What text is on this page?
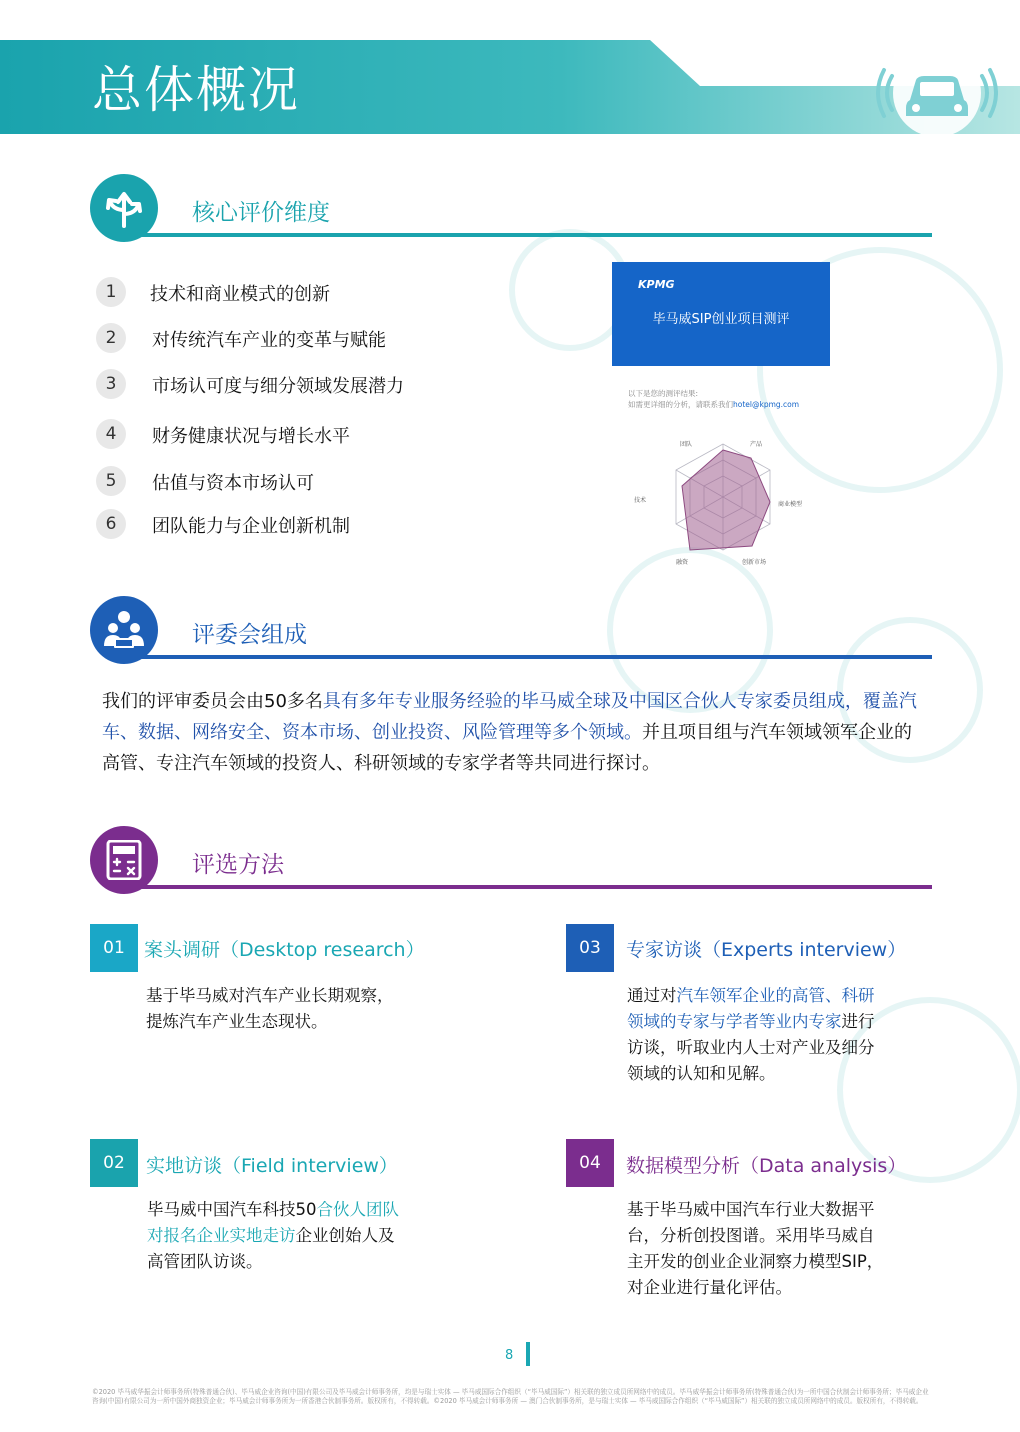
总体概况
核心评价维度
1	技术和商业模式的创新
2	对传统汽车产业的变革与赋能
3	市场认可度与细分领域发展潜力
4	财务健康状况与增长水平
5	估值与资本市场认可
6	团队能力与企业创新机制
KPMG
毕马威SIP创业项目测评
以下是您的测评结果:
如需更详细的分析，请联系我们hotel@kpmg.com
团队	产品
商业模型
创新市场
融资
技术
评委会组成

我们的评审委员会由50多名具有多年专业服务经验的毕马威全球及中国区合伙人专家委员组成，覆盖汽车、数据、网络安全、资本市场、创业投资、风险管理等多个领域。并且项目组与汽车领域领军企业的高管、专注汽车领域的投资人、科研领域的专家学者等共同进行探讨。

评选方法
01	案头调研（Desktop research）
基于毕马威对汽车产业长期观察，
提炼汽车产业生态现状。
03	专家访谈（Experts interview）
通过对汽车领军企业的高管、科研
领域的专家与学者等业内专家进行
访谈，听取业内人士对产业及细分
领域的认知和见解。
02	实地访谈（Field interview）
毕马威中国汽车科技50合伙人团队
对报名企业实地走访企业创始人及
高管团队访谈。
04	数据模型分析（Data analysis）
基于毕马威中国汽车行业大数据平
台，分析创投图谱。采用毕马威自
主开发的创业企业洞察力模型SIP，
对企业进行量化评估。
8
©2020 毕马威华振会计师事务所(特殊普通合伙)、毕马威企业咨询(中国)有限公司及毕马威会计师事务所，均是与瑞士实体 — 毕马威国际合作组织（“毕马威国际”）相关联的独立成员所网络中的成员。毕马威华振会计师事务所(特殊普通合伙)为一所中国合伙制会计师事务所；毕马威企业咨询(中国)有限公司为一所中国外商独资企业；毕马威会计师事务所为一所香港合伙制事务所。版权所有，不得转载。©2020 毕马威会计师事务所 — 澳门合伙制事务所，是与瑞士实体 — 毕马威国际合作组织（“毕马威国际”）相关联的独立成员所网络中的成员。版权所有，不得转载。
